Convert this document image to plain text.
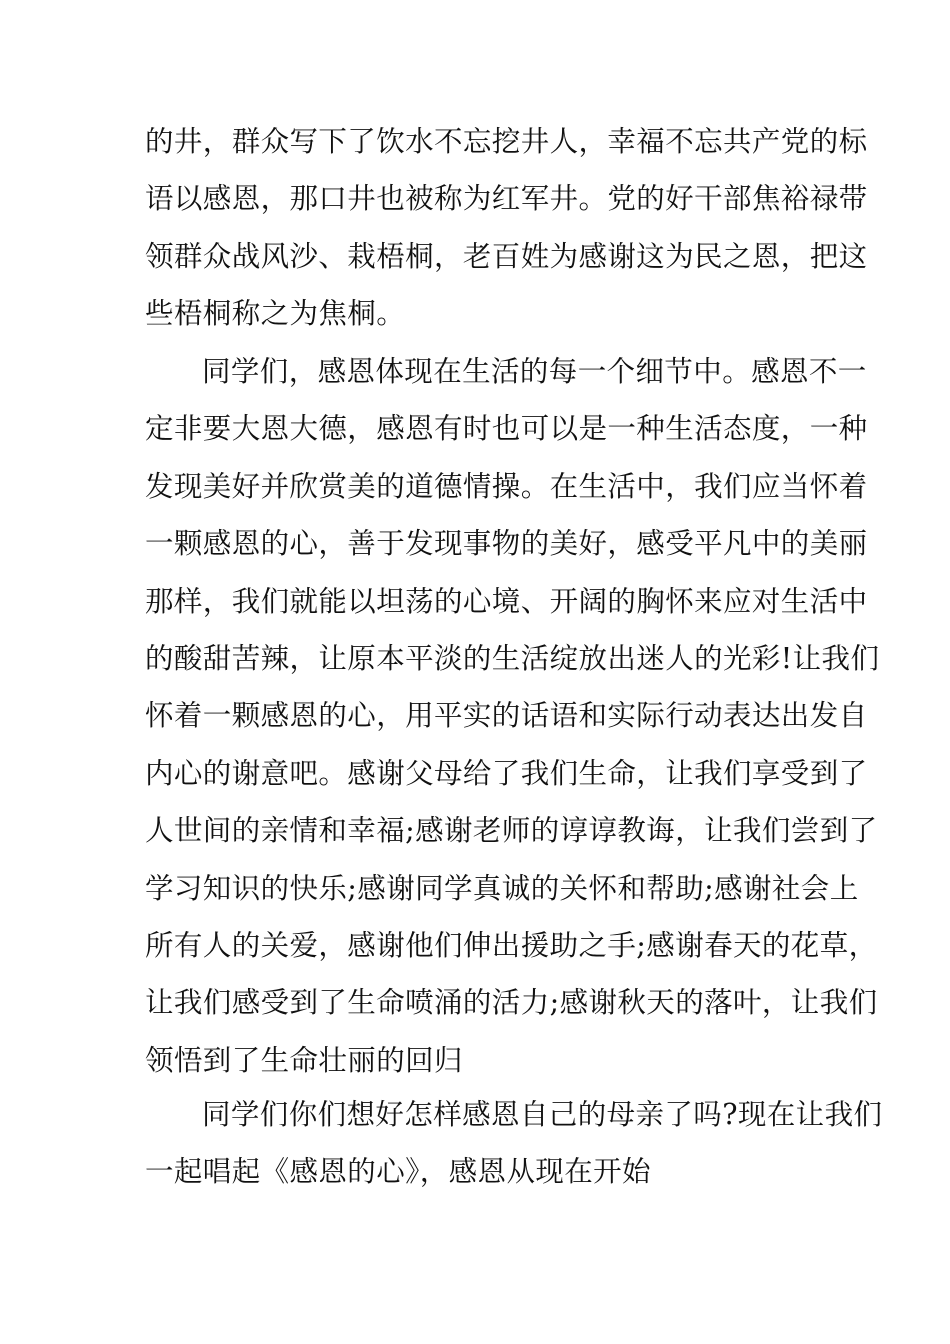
的井，群众写下了饮水不忘挖井人，幸福不忘共产党的标
语以感恩，那口井也被称为红军井。党的好干部焦裕禄带
领群众战风沙、栽梧桐，老百姓为感谢这为民之恩，把这
些梧桐称之为焦桐。
同学们，感恩体现在生活的每一个细节中。感恩不一
定非要大恩大德，感恩有时也可以是一种生活态度，一种
发现美好并欣赏美的道德情操。在生活中，我们应当怀着
一颗感恩的心，善于发现事物的美好，感受平凡中的美丽
那样，我们就能以坦荡的心境、开阔的胸怀来应对生活中
的酸甜苦辣，让原本平淡的生活绽放出迷人的光彩!让我们
怀着一颗感恩的心，用平实的话语和实际行动表达出发自
内心的谢意吧。感谢父母给了我们生命，让我们享受到了
人世间的亲情和幸福;感谢老师的谆谆教诲，让我们尝到了
学习知识的快乐;感谢同学真诚的关怀和帮助;感谢社会上
所有人的关爱，感谢他们伸出援助之手;感谢春天的花草，
让我们感受到了生命喷涌的活力;感谢秋天的落叶，让我们
领悟到了生命壮丽的回归
同学们你们想好怎样感恩自己的母亲了吗?现在让我们
一起唱起《感恩的心》，感恩从现在开始
